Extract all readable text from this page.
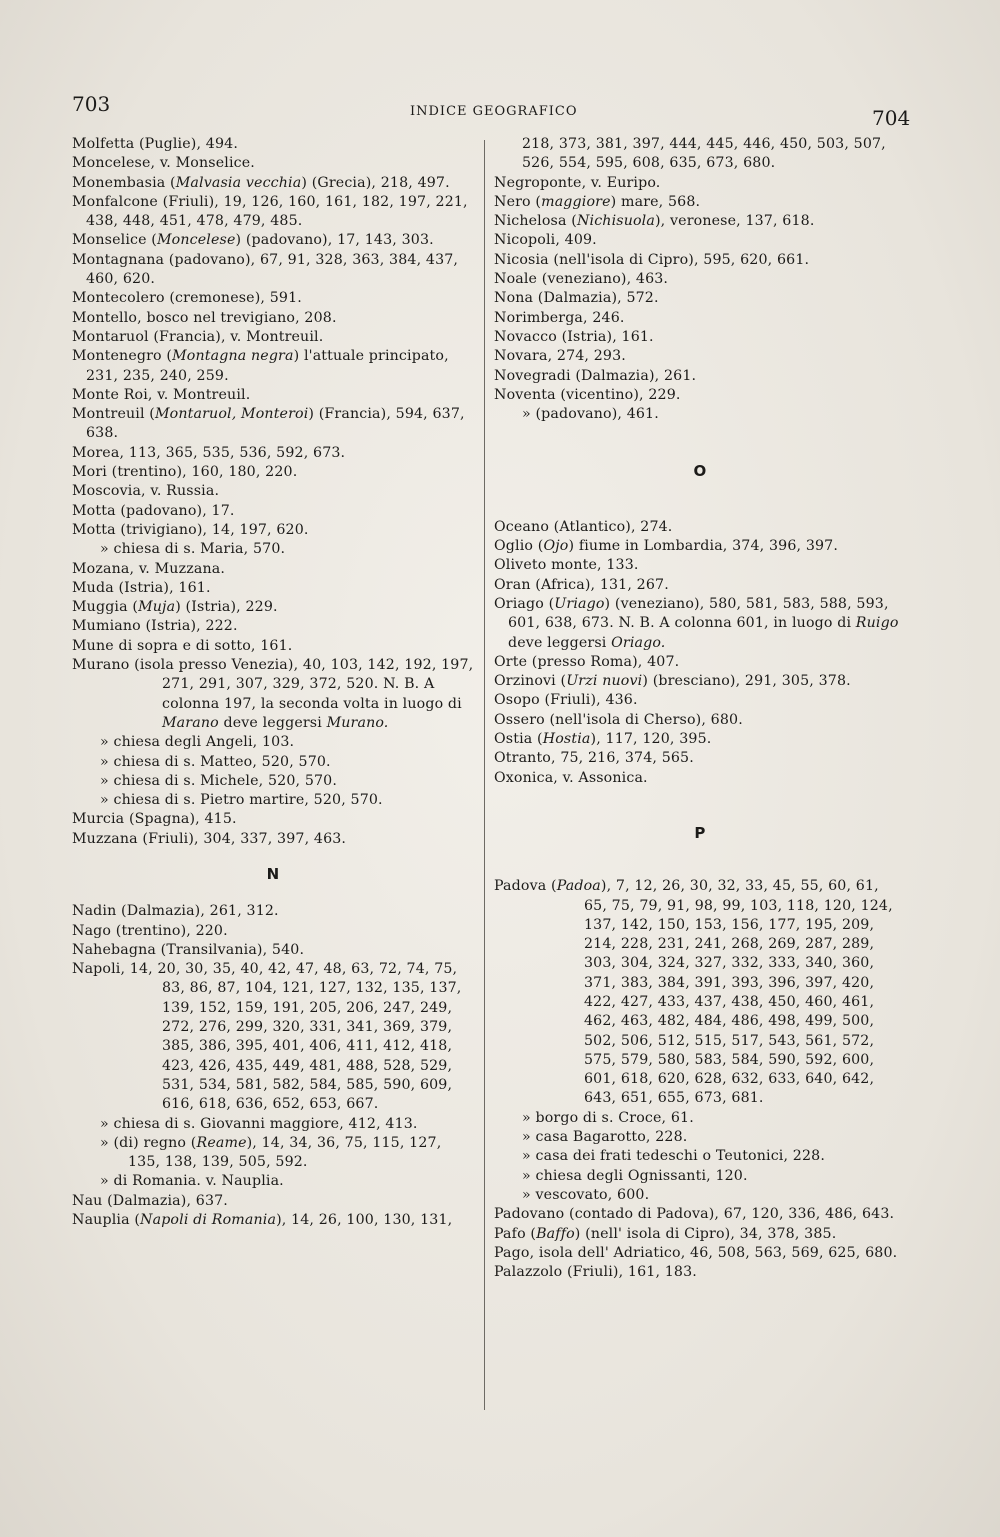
703	INDICE GEOGRAFICO	704

Molfetta (Puglie), 494.

Moncelese, v. Monselice.

Monembasia (Malvasia vecchia) (Grecia), 218, 497.

Monfalcone (Friuli), 19, 126, 160, 161, 182, 197, 221, 438, 448, 451, 478, 479, 485.

Monselice (Moncelese) (padovano), 17, 143, 303.

Montagnana (padovano), 67, 91, 328, 363, 384, 437, 460, 620.

Montecolero (cremonese), 591.

Montello, bosco nel trevigiano, 208.

Montaruol (Francia), v. Montreuil.

Montenegro (Montagna negra) l'attuale principato, 231, 235, 240, 259.

Monte Roi, v. Montreuil.

Montreuil (Montaruol, Monteroi) (Francia), 594, 637, 638.

Morea, 113, 365, 535, 536, 592, 673.

Mori (trentino), 160, 180, 220.

Moscovia, v. Russia.

Motta (padovano), 17.

Motta (trivigiano), 14, 197, 620.

» chiesa di s. Maria, 570.

Mozana, v. Muzzana.

Muda (Istria), 161.

Muggia (Muja) (Istria), 229.

Mumiano (Istria), 222.

Mune di sopra e di sotto, 161.

Murano (isola presso Venezia), 40, 103, 142, 192, 197,

271, 291, 307, 329, 372, 520. N. B. A colonna 197, la seconda volta in luogo di

Marano deve leggersi Murano.

» chiesa degli Angeli, 103.

» chiesa di s. Matteo, 520, 570.

» chiesa di s. Michele, 520, 570.

» chiesa di s. Pietro martire, 520, 570.

Murcia (Spagna), 415.

Muzzana (Friuli), 304, 337, 397, 463.

N

Nadin (Dalmazia), 261, 312.

Nago (trentino), 220.

Nahebagna (Transilvania), 540.

Napoli, 14, 20, 30, 35, 40, 42, 47, 48, 63, 72, 74, 75,

83, 86, 87, 104, 121, 127, 132, 135, 137, 139, 152, 159, 191, 205, 206, 247, 249, 272, 276, 299, 320, 331, 341, 369, 379, 385, 386, 395, 401, 406, 411, 412, 418, 423, 426, 435, 449, 481, 488, 528, 529, 531, 534, 581, 582, 584, 585, 590, 609, 616, 618, 636, 652, 653, 667.

» chiesa di s. Giovanni maggiore, 412, 413.

» (di) regno (Reame), 14, 34, 36, 75, 115, 127, 135, 138, 139, 505, 592.

» di Romania. v. Nauplia.

Nau (Dalmazia), 637.

Nauplia (Napoli di Romania), 14, 26, 100, 130, 131,

218, 373, 381, 397, 444, 445, 446, 450, 503, 507, 526, 554, 595, 608, 635, 673, 680.

Negroponte, v. Euripo.

Nero (maggiore) mare, 568.

Nichelosa (Nichisuola), veronese, 137, 618.

Nicopoli, 409.

Nicosia (nell'isola di Cipro), 595, 620, 661.

Noale (veneziano), 463.

Nona (Dalmazia), 572.

Norimberga, 246.

Novacco (Istria), 161.

Novara, 274, 293.

Novegradi (Dalmazia), 261.

Noventa (vicentino), 229.

» (padovano), 461.

O

Oceano (Atlantico), 274.

Oglio (Ojo) fiume in Lombardia, 374, 396, 397.

Oliveto monte, 133.

Oran (Africa), 131, 267.

Oriago (Uriago) (veneziano), 580, 581, 583, 588, 593, 601, 638, 673. N. B. A colonna 601, in luogo di Ruigo deve leggersi Oriago.

Orte (presso Roma), 407.

Orzinovi (Urzi nuovi) (bresciano), 291, 305, 378.

Osopo (Friuli), 436.

Ossero (nell'isola di Cherso), 680.

Ostia (Hostia), 117, 120, 395.

Otranto, 75, 216, 374, 565.

Oxonica, v. Assonica.

P

Padova (Padoa), 7, 12, 26, 30, 32, 33, 45, 55, 60, 61,

65, 75, 79, 91, 98, 99, 103, 118, 120, 124, 137, 142, 150, 153, 156, 177, 195, 209, 214, 228, 231, 241, 268, 269, 287, 289, 303, 304, 324, 327, 332, 333, 340, 360, 371, 383, 384, 391, 393, 396, 397, 420, 422, 427, 433, 437, 438, 450, 460, 461, 462, 463, 482, 484, 486, 498, 499, 500, 502, 506, 512, 515, 517, 543, 561, 572, 575, 579, 580, 583, 584, 590, 592, 600, 601, 618, 620, 628, 632, 633, 640, 642, 643, 651, 655, 673, 681.

» borgo di s. Croce, 61.

» casa Bagarotto, 228.

» casa dei frati tedeschi o Teutonici, 228.

» chiesa degli Ognissanti, 120.

» vescovato, 600.

Padovano (contado di Padova), 67, 120, 336, 486, 643.

Pafo (Baffo) (nell' isola di Cipro), 34, 378, 385.

Pago, isola dell' Adriatico, 46, 508, 563, 569, 625, 680.

Palazzolo (Friuli), 161, 183.
